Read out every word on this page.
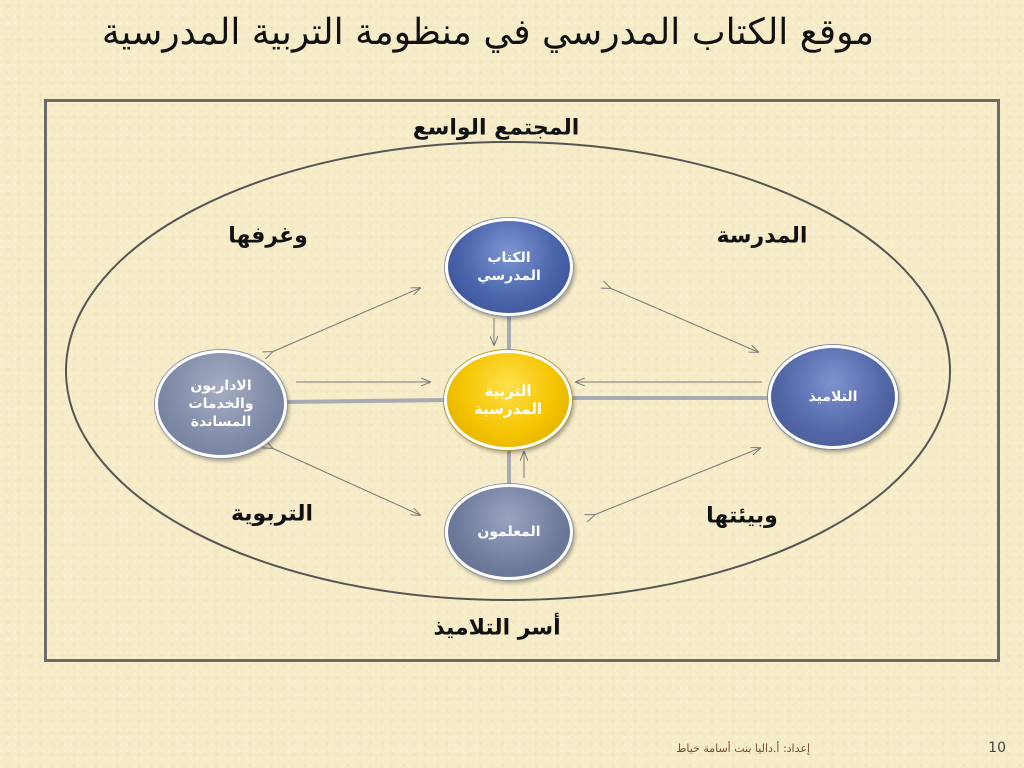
موقع الكتاب المدرسي في منظومة التربية المدرسية
المجتمع الواسع
وغرفها	المدرسة
التربوية	وبيئتها
أسر التلاميذ
الكتاب
المدرسي
التربية
المدرسية
الاداريون
والخدمات
المساندة
التلاميذ
المعلمون
إعداد: أ.داليا بنت أسامة خياط	10
